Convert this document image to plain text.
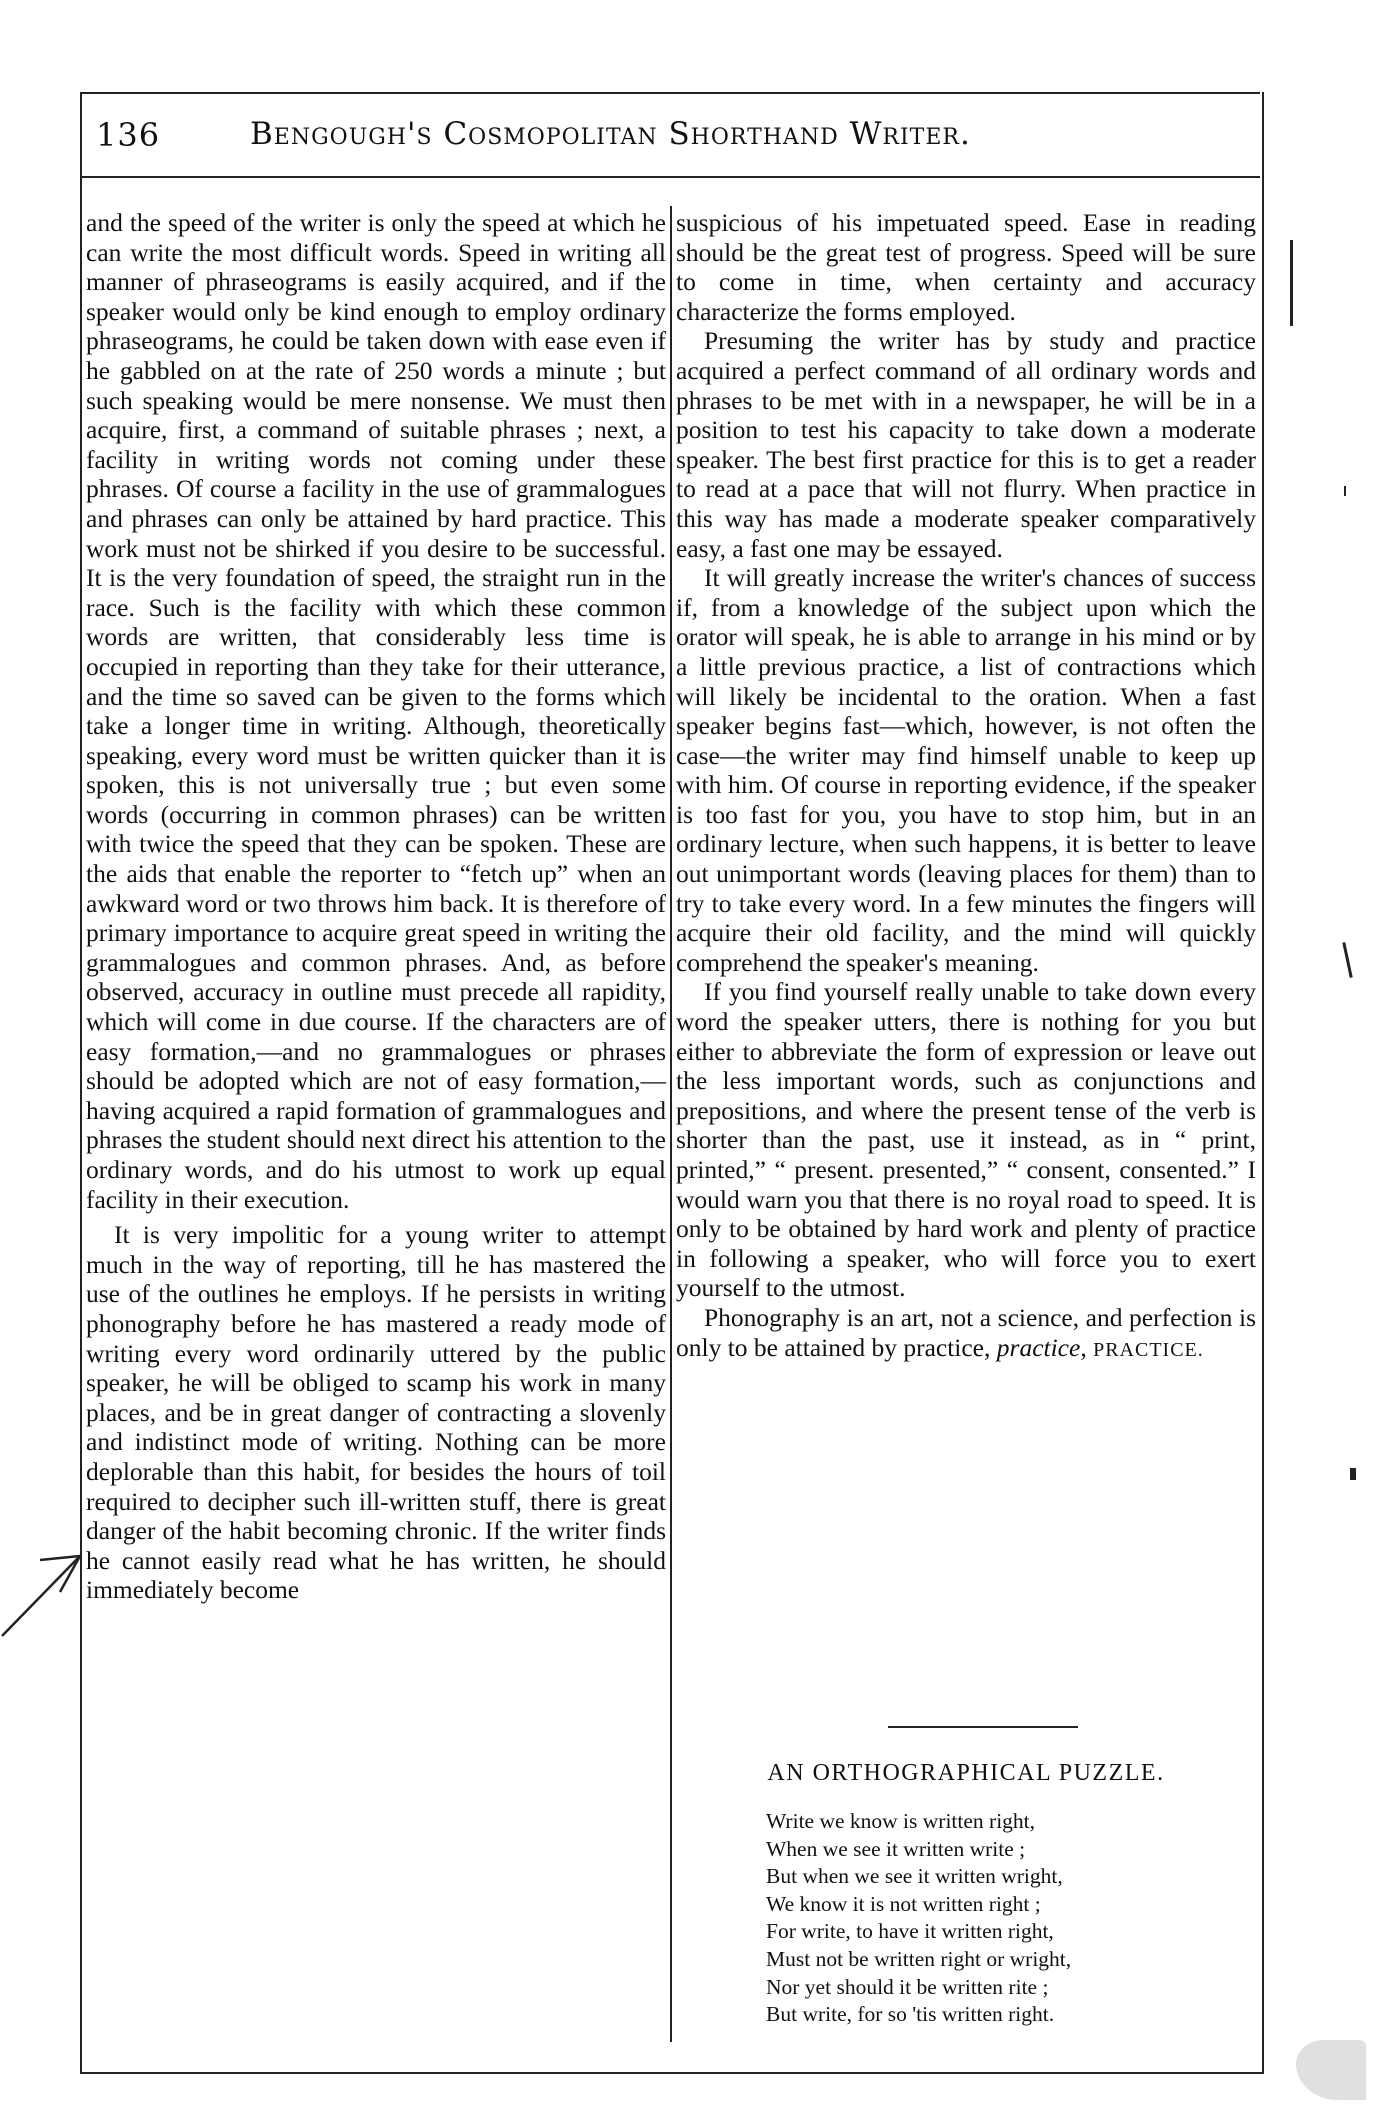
136	Bengough's Cosmopolitan Shorthand Writer.

and the speed of the writer is only the speed at which he can write the most difficult words. Speed in writing all manner of phraseograms is easily acquired, and if the speaker would only be kind enough to employ ordinary phraseograms, he could be taken down with ease even if he gabbled on at the rate of 250 words a minute ; but such speaking would be mere nonsense. We must then acquire, first, a command of suitable phrases ; next, a facility in writing words not coming under these phrases. Of course a facility in the use of grammalogues and phrases can only be attained by hard practice. This work must not be shirked if you desire to be successful. It is the very foundation of speed, the straight run in the race. Such is the facility with which these common words are written, that considerably less time is occupied in reporting than they take for their utterance, and the time so saved can be given to the forms which take a longer time in writing. Although, theoretically speaking, every word must be written quicker than it is spoken, this is not universally true ; but even some words (occurring in common phrases) can be written with twice the speed that they can be spoken. These are the aids that enable the reporter to “fetch up” when an awkward word or two throws him back. It is therefore of primary importance to acquire great speed in writing the grammalogues and common phrases. And, as before observed, accuracy in outline must precede all rapidity, which will come in due course. If the characters are of easy formation,—and no grammalogues or phrases should be adopted which are not of easy formation,—having acquired a rapid formation of grammalogues and phrases the student should next direct his attention to the ordinary words, and do his utmost to work up equal facility in their execution.

It is very impolitic for a young writer to attempt much in the way of reporting, till he has mastered the use of the outlines he employs. If he persists in writing phonography before he has mastered a ready mode of writing every word ordinarily uttered by the public speaker, he will be obliged to scamp his work in many places, and be in great danger of contracting a slovenly and indistinct mode of writing. Nothing can be more deplorable than this habit, for besides the hours of toil required to decipher such ill-written stuff, there is great danger of the habit becoming chronic. If the writer finds he cannot easily read what he has written, he should immediately become

suspicious of his impetuated speed. Ease in reading should be the great test of progress. Speed will be sure to come in time, when certainty and accuracy characterize the forms employed.

Presuming the writer has by study and practice acquired a perfect command of all ordinary words and phrases to be met with in a newspaper, he will be in a position to test his capacity to take down a moderate speaker. The best first practice for this is to get a reader to read at a pace that will not flurry. When practice in this way has made a moderate speaker comparatively easy, a fast one may be essayed.

It will greatly increase the writer's chances of success if, from a knowledge of the subject upon which the orator will speak, he is able to arrange in his mind or by a little previous practice, a list of contractions which will likely be incidental to the oration. When a fast speaker begins fast—which, however, is not often the case—the writer may find himself unable to keep up with him. Of course in reporting evidence, if the speaker is too fast for you, you have to stop him, but in an ordinary lecture, when such happens, it is better to leave out unimportant words (leaving places for them) than to try to take every word. In a few minutes the fingers will acquire their old facility, and the mind will quickly comprehend the speaker's meaning.

If you find yourself really unable to take down every word the speaker utters, there is nothing for you but either to abbreviate the form of expression or leave out the less important words, such as conjunctions and prepositions, and where the present tense of the verb is shorter than the past, use it instead, as in “ print, printed,” “ present. presented,” “ consent, consented.” I would warn you that there is no royal road to speed. It is only to be obtained by hard work and plenty of practice in following a speaker, who will force you to exert yourself to the utmost.

Phonography is an art, not a science, and perfection is only to be attained by practice, practice, PRACTICE.

AN ORTHOGRAPHICAL PUZZLE.
Write we know is written right,
When we see it written write ;
But when we see it written wright,
We know it is not written right ;
For write, to have it written right,
Must not be written right or wright,
Nor yet should it be written rite ;
But write, for so 'tis written right.
